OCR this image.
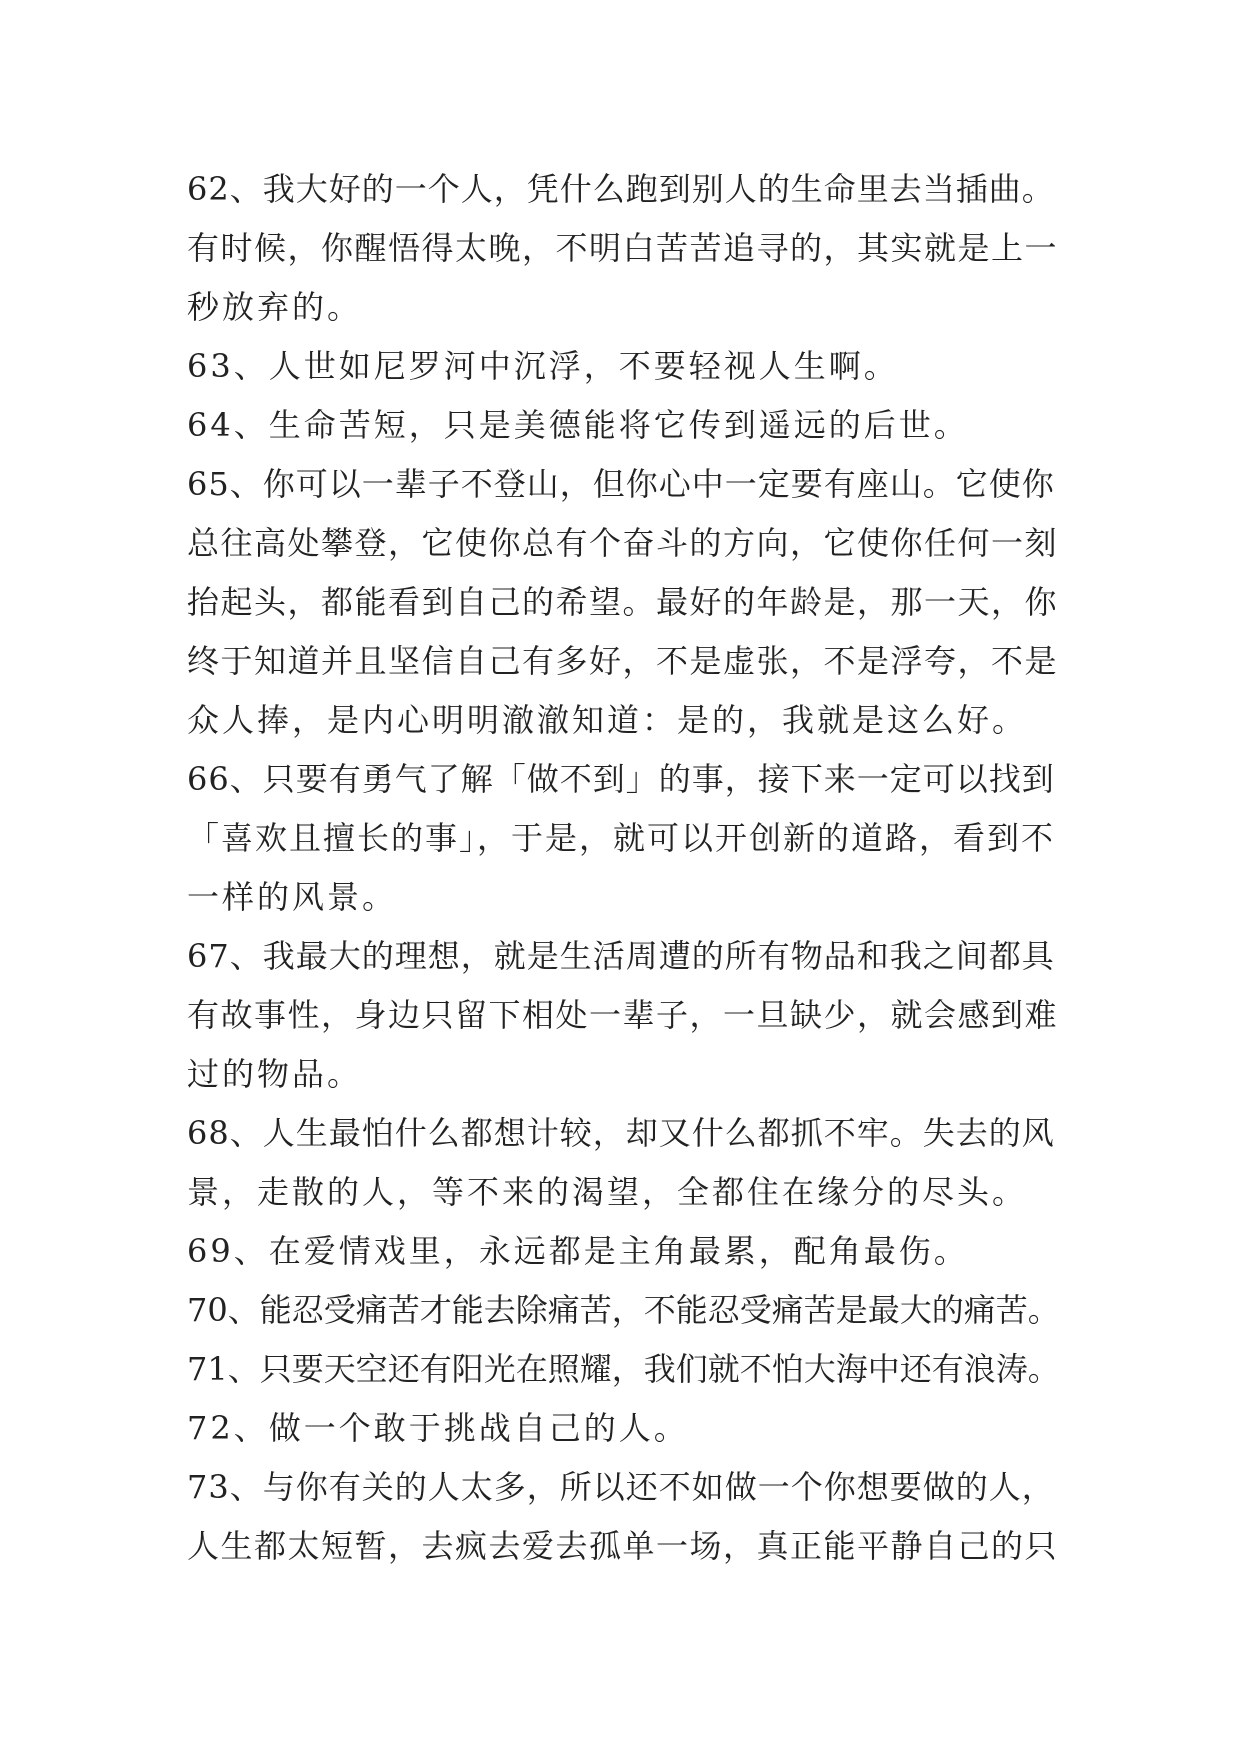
62、我大好的一个人，凭什么跑到别人的生命里去当插曲。
有时候，你醒悟得太晚，不明白苦苦追寻的，其实就是上一
秒放弃的。
63、人世如尼罗河中沉浮，不要轻视人生啊。
64、生命苦短，只是美德能将它传到遥远的后世。
65、你可以一辈子不登山，但你心中一定要有座山。它使你
总往高处攀登，它使你总有个奋斗的方向，它使你任何一刻
抬起头，都能看到自己的希望。最好的年龄是，那一天，你
终于知道并且坚信自己有多好，不是虚张，不是浮夸，不是
众人捧，是内心明明澈澈知道：是的，我就是这么好。
66、只要有勇气了解「做不到」的事，接下来一定可以找到
「喜欢且擅长的事」，于是，就可以开创新的道路，看到不
一样的风景。
67、我最大的理想，就是生活周遭的所有物品和我之间都具
有故事性，身边只留下相处一辈子，一旦缺少，就会感到难
过的物品。
68、人生最怕什么都想计较，却又什么都抓不牢。失去的风
景，走散的人，等不来的渴望，全都住在缘分的尽头。
69、在爱情戏里，永远都是主角最累，配角最伤。
70、能忍受痛苦才能去除痛苦，不能忍受痛苦是最大的痛苦。
71、只要天空还有阳光在照耀，我们就不怕大海中还有浪涛。
72、做一个敢于挑战自己的人。
73、与你有关的人太多，所以还不如做一个你想要做的人，
人生都太短暂，去疯去爱去孤单一场，真正能平静自己的只
